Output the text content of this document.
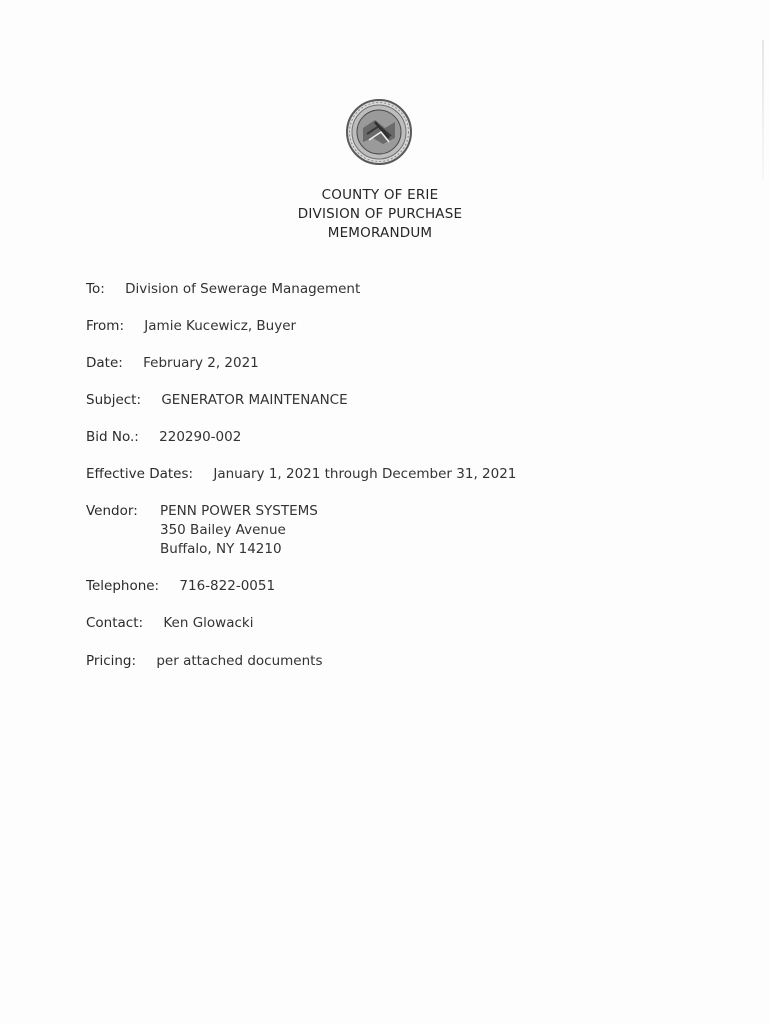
COUNTY OF ERIE
DIVISION OF PURCHASE
MEMORANDUM
To: Division of Sewerage Management
From: Jamie Kucewicz, Buyer
Date: February 2, 2021
Subject: GENERATOR MAINTENANCE
Bid No.: 220290-002
Effective Dates: January 1, 2021 through December 31, 2021
Vendor: PENN POWER SYSTEMS
350 Bailey Avenue
Buffalo, NY 14210
Telephone: 716-822-0051
Contact: Ken Glowacki
Pricing: per attached documents
